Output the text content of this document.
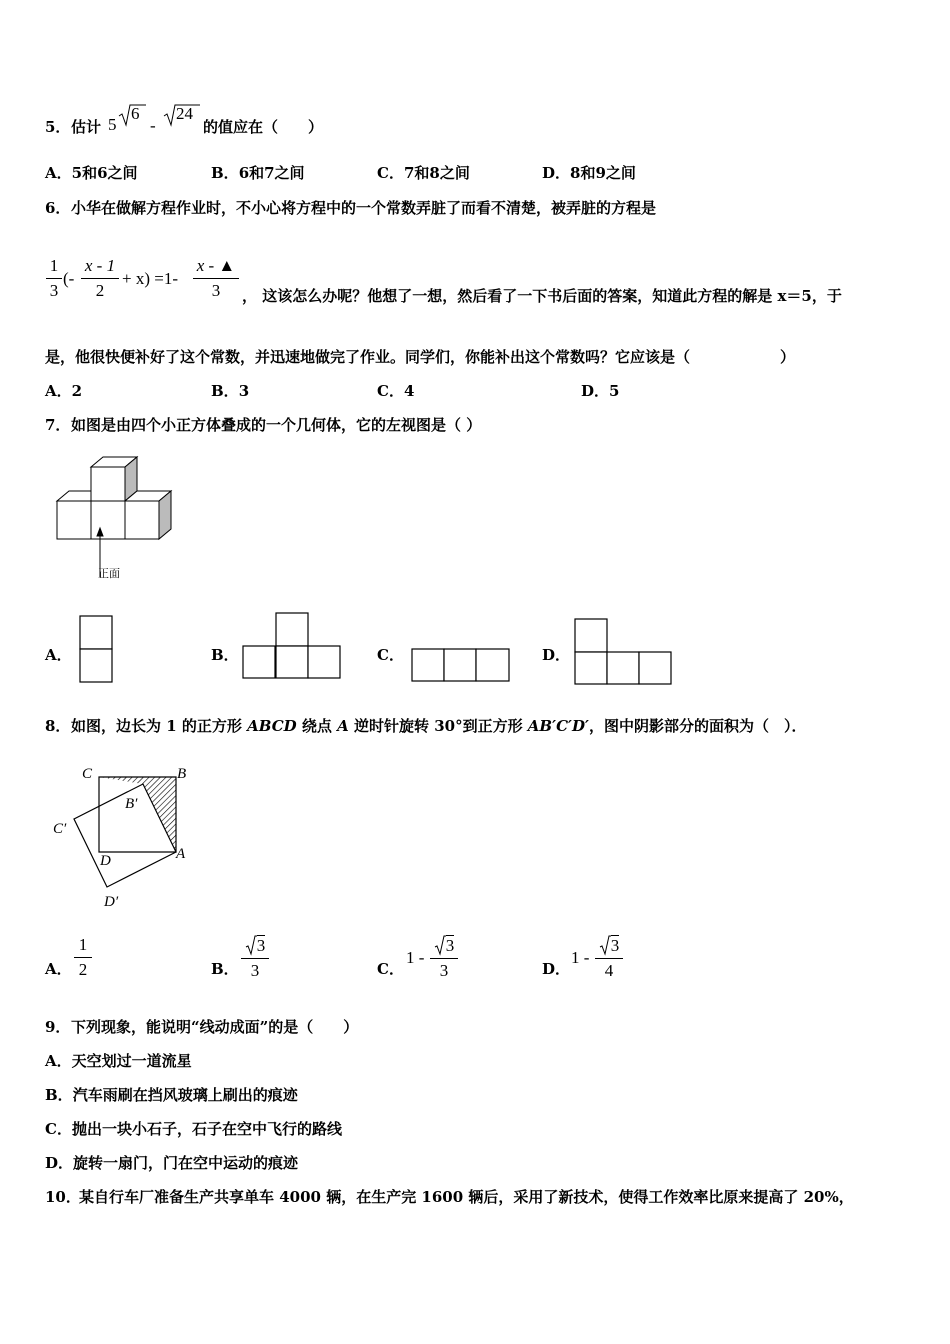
5． 估计 5
6
-
24
的值应在（　　）
A．5和6之间	B．6和7之间	C．7和8之间	D．8和9之间
6． 小华在做解方程作业时，不小心将方程中的一个常数弄脏了而看不清楚，被弄脏的方程是
1
3
(-
x - 1
2
+ x) =1-
x - ▲
3	， 这该怎么办呢？他想了一想，然后看了一下书后面的答案，知道此方程的解是 x＝5，于
是，他很快便补好了这个常数，并迅速地做完了作业。同学们，你能补出这个常数吗？它应该是（　　　　　　）
A．2	B．3	C．4	D．5
7． 如图是由四个小正方体叠成的一个几何体，它的左视图是（ ）
正面
A．	B．	C．	D．
8． 如图，边长为 1 的正方形 ABCD 绕点 A 逆时针旋转 30°到正方形 AB′C′D′，图中阴影部分的面积为（　）．
C	B
B′
C′
D	A
D′
A．
1
2	B．
3
3	C．
1 -
3
3	D．
1 -
3
4
9． 下列现象，能说明“线动成面”的是（　　）
A．天空划过一道流星
B．汽车雨刷在挡风玻璃上刷出的痕迹
C．抛出一块小石子，石子在空中飞行的路线
D．旋转一扇门，门在空中运动的痕迹
10．
某自行车厂准备生产共享单车 4000 辆，在生产完 1600 辆后，采用了新技术，使得工作效率比原来提高了 20%，
